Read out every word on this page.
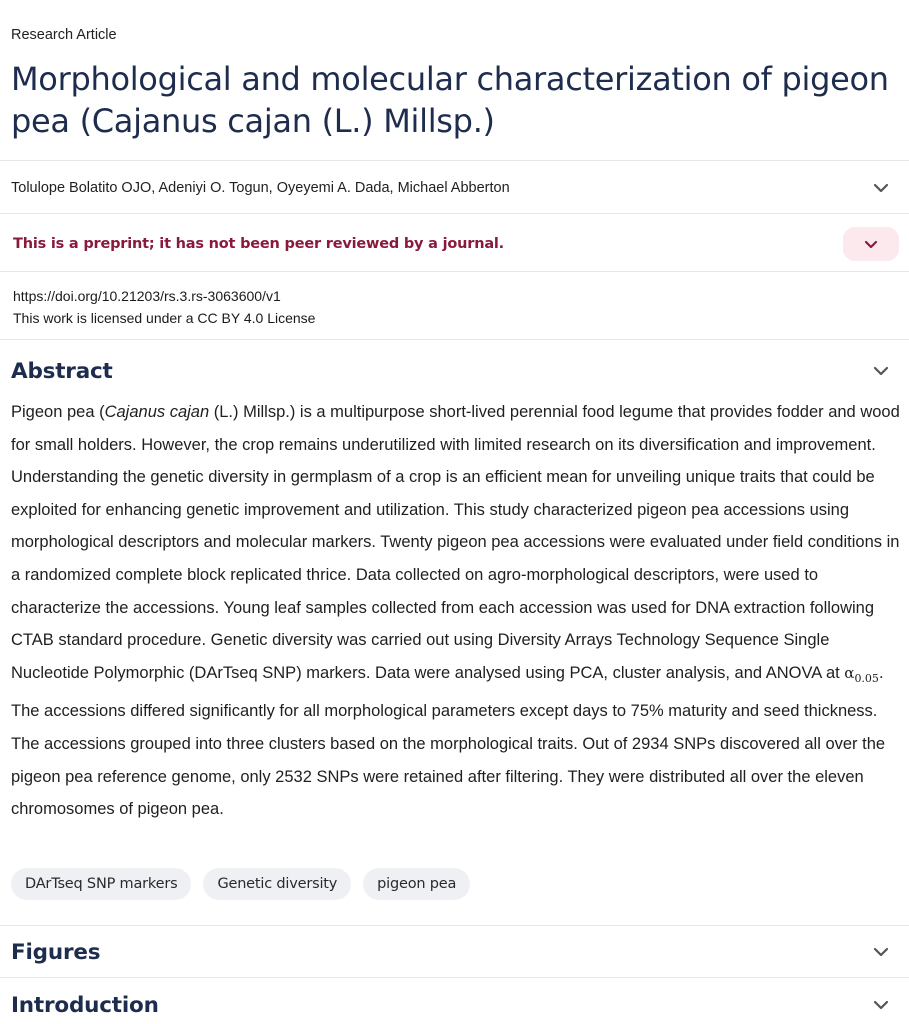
Research Article
Morphological and molecular characterization of pigeon pea (Cajanus cajan (L.) Millsp.)
Tolulope Bolatito OJO, Adeniyi O. Togun, Oyeyemi A. Dada, Michael Abberton
This is a preprint; it has not been peer reviewed by a journal.
https://doi.org/10.21203/rs.3.rs-3063600/v1
This work is licensed under a CC BY 4.0 License
Abstract

Pigeon pea (Cajanus cajan (L.) Millsp.) is a multipurpose short-lived perennial food legume that provides fodder and wood for small holders. However, the crop remains underutilized with limited research on its diversification and improvement. Understanding the genetic diversity in germplasm of a crop is an efficient mean for unveiling unique traits that could be exploited for enhancing genetic improvement and utilization. This study characterized pigeon pea accessions using morphological descriptors and molecular markers. Twenty pigeon pea accessions were evaluated under field conditions in a randomized complete block replicated thrice. Data collected on agro-morphological descriptors, were used to characterize the accessions. Young leaf samples collected from each accession was used for DNA extraction following CTAB standard procedure. Genetic diversity was carried out using Diversity Arrays Technology Sequence Single Nucleotide Polymorphic (DArTseq SNP) markers. Data were analysed using PCA, cluster analysis, and ANOVA at $\alpha_{0.05}$. The accessions differed significantly for all morphological parameters except days to 75% maturity and seed thickness. The accessions grouped into three clusters based on the morphological traits. Out of 2934 SNPs discovered all over the pigeon pea reference genome, only 2532 SNPs were retained after filtering. They were distributed all over the eleven chromosomes of pigeon pea.

DArTseq SNP markers	Genetic diversity	pigeon pea
Figures
Introduction
